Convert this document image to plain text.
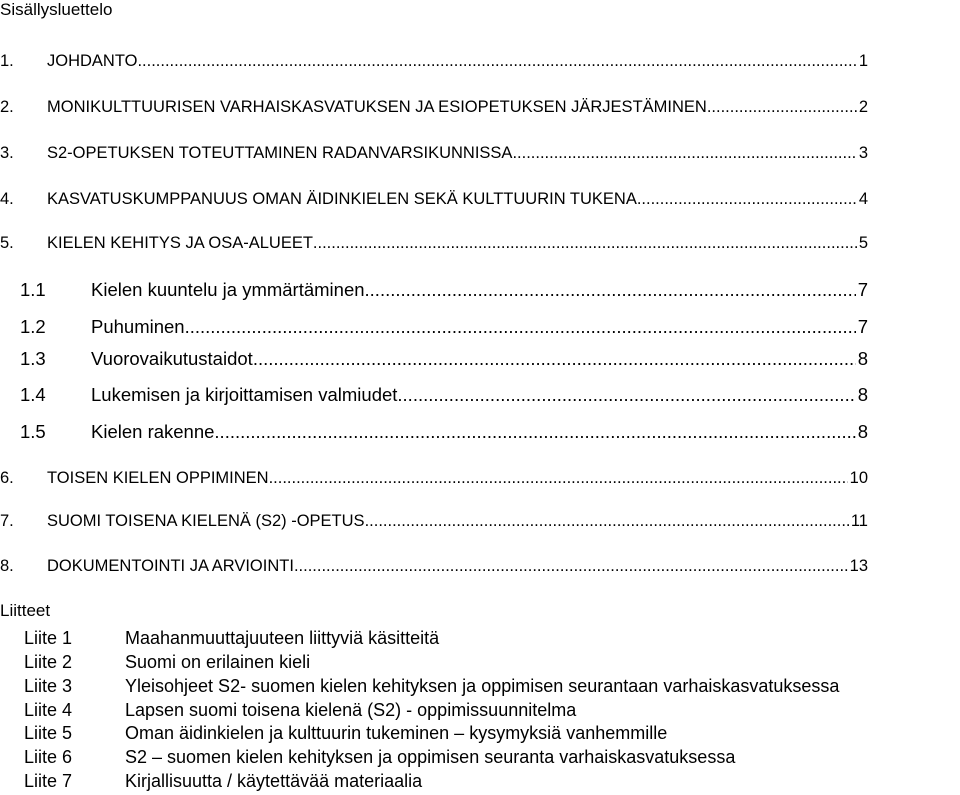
Sisällysluettelo
1.	JOHDANTO .....	1
2.	MONIKULTTUURISEN VARHAISKASVATUKSEN JA ESIOPETUKSEN JÄRJESTÄMINEN .....	2
3.	S2-OPETUKSEN TOTEUTTAMINEN RADANVARSIKUNNISSA .....	3
4.	KASVATUSKUMPPANUUS OMAN ÄIDINKIELEN SEKÄ KULTTUURIN TUKENA .....	4
5.	KIELEN KEHITYS JA OSA-ALUEET .....	5
1.1	Kielen kuuntelu ja ymmärtäminen .....	7
1.2	Puhuminen .....	7
1.3	Vuorovaikutustaidot .....	8
1.4	Lukemisen ja kirjoittamisen valmiudet .....	8
1.5	Kielen rakenne .....	8
6.	TOISEN KIELEN OPPIMINEN .....	10
7.	SUOMI TOISENA KIELENÄ (S2) -OPETUS .....	11
8.	DOKUMENTOINTI JA ARVIOINTI .....	13
Liitteet
Liite 1	Maahanmuuttajuuteen liittyviä käsitteitä
Liite 2	Suomi on erilainen kieli
Liite 3	Yleisohjeet S2- suomen kielen kehityksen ja oppimisen seurantaan varhaiskasvatuksessa
Liite 4	Lapsen suomi toisena kielenä (S2) - oppimissuunnitelma
Liite 5	Oman äidinkielen ja kulttuurin tukeminen – kysymyksiä vanhemmille
Liite 6	S2 – suomen kielen kehityksen ja oppimisen seuranta varhaiskasvatuksessa
Liite 7	Kirjallisuutta / käytettävää materiaalia
